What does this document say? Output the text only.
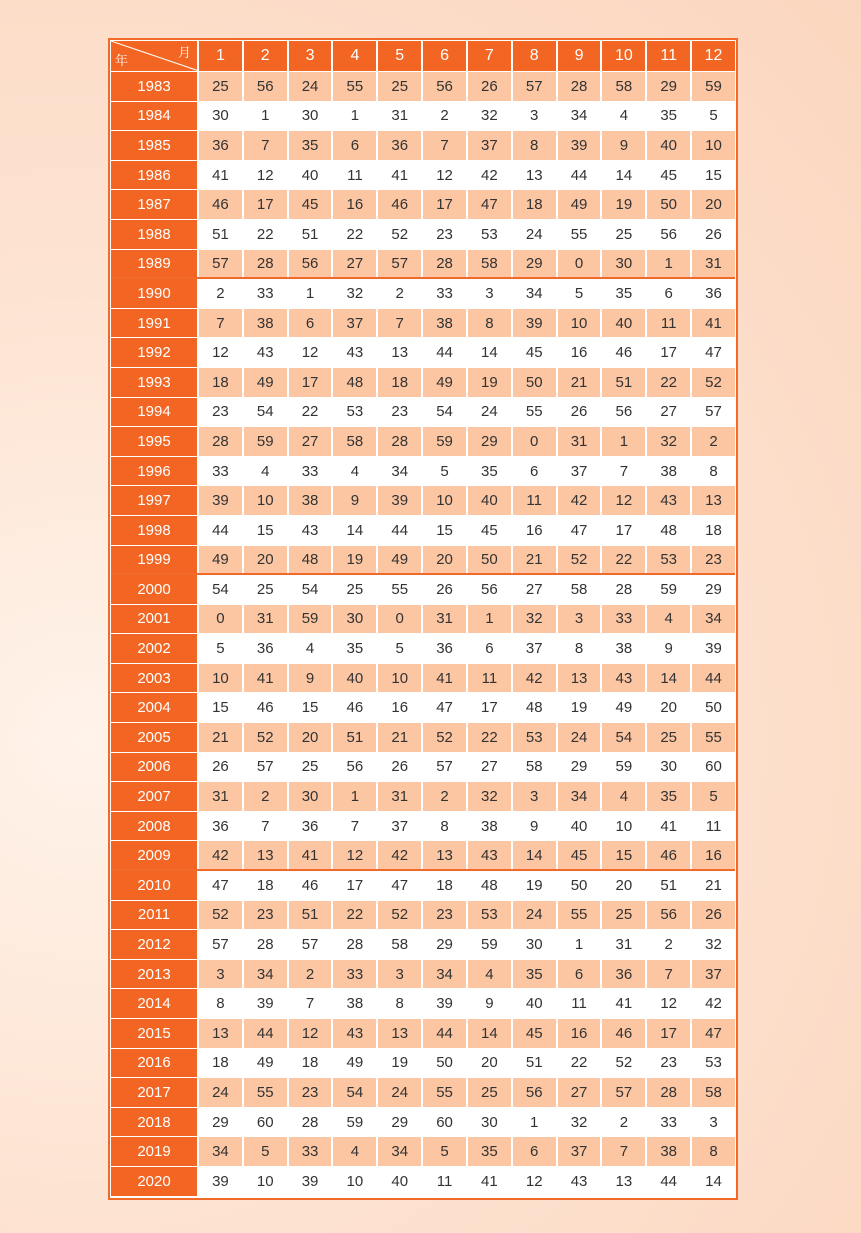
年
月	1	2	3	4	5	6	7	8	9	10	11	12
1983	25	56	24	55	25	56	26	57	28	58	29	59
1984	30	1	30	1	31	2	32	3	34	4	35	5
1985	36	7	35	6	36	7	37	8	39	9	40	10
1986	41	12	40	11	41	12	42	13	44	14	45	15
1987	46	17	45	16	46	17	47	18	49	19	50	20
1988	51	22	51	22	52	23	53	24	55	25	56	26
1989	57	28	56	27	57	28	58	29	0	30	1	31
1990	2	33	1	32	2	33	3	34	5	35	6	36
1991	7	38	6	37	7	38	8	39	10	40	11	41
1992	12	43	12	43	13	44	14	45	16	46	17	47
1993	18	49	17	48	18	49	19	50	21	51	22	52
1994	23	54	22	53	23	54	24	55	26	56	27	57
1995	28	59	27	58	28	59	29	0	31	1	32	2
1996	33	4	33	4	34	5	35	6	37	7	38	8
1997	39	10	38	9	39	10	40	11	42	12	43	13
1998	44	15	43	14	44	15	45	16	47	17	48	18
1999	49	20	48	19	49	20	50	21	52	22	53	23
2000	54	25	54	25	55	26	56	27	58	28	59	29
2001	0	31	59	30	0	31	1	32	3	33	4	34
2002	5	36	4	35	5	36	6	37	8	38	9	39
2003	10	41	9	40	10	41	11	42	13	43	14	44
2004	15	46	15	46	16	47	17	48	19	49	20	50
2005	21	52	20	51	21	52	22	53	24	54	25	55
2006	26	57	25	56	26	57	27	58	29	59	30	60
2007	31	2	30	1	31	2	32	3	34	4	35	5
2008	36	7	36	7	37	8	38	9	40	10	41	11
2009	42	13	41	12	42	13	43	14	45	15	46	16
2010	47	18	46	17	47	18	48	19	50	20	51	21
2011	52	23	51	22	52	23	53	24	55	25	56	26
2012	57	28	57	28	58	29	59	30	1	31	2	32
2013	3	34	2	33	3	34	4	35	6	36	7	37
2014	8	39	7	38	8	39	9	40	11	41	12	42
2015	13	44	12	43	13	44	14	45	16	46	17	47
2016	18	49	18	49	19	50	20	51	22	52	23	53
2017	24	55	23	54	24	55	25	56	27	57	28	58
2018	29	60	28	59	29	60	30	1	32	2	33	3
2019	34	5	33	4	34	5	35	6	37	7	38	8
2020	39	10	39	10	40	11	41	12	43	13	44	14
